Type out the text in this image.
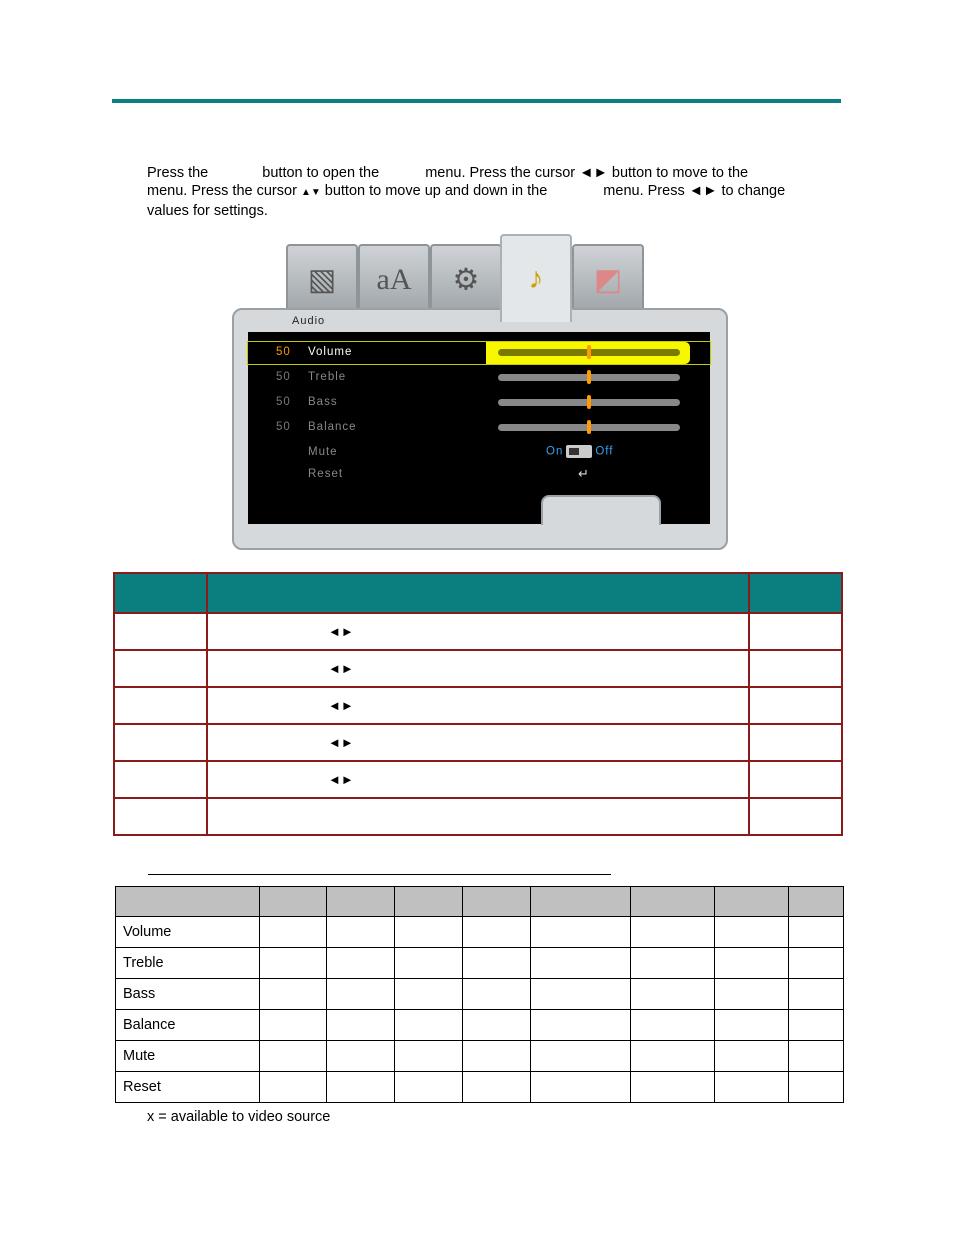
Press the	button to open the	menu. Press the cursor ◄► button to move to the
menu. Press the cursor ▲▼ button to move up and down in the	menu. Press ◄► to change
values for settings.
▧ aA ⚙ ♪ ◩
Audio
50 Volume
50 Treble
50 Bass
50 Balance
Mute	On	Off
Reset	↵

	◄►	
	◄►	
	◄►	
	◄►	
	◄►	

Volume								
Treble								
Bass								
Balance								
Mute								
Reset								
x = available to video source
